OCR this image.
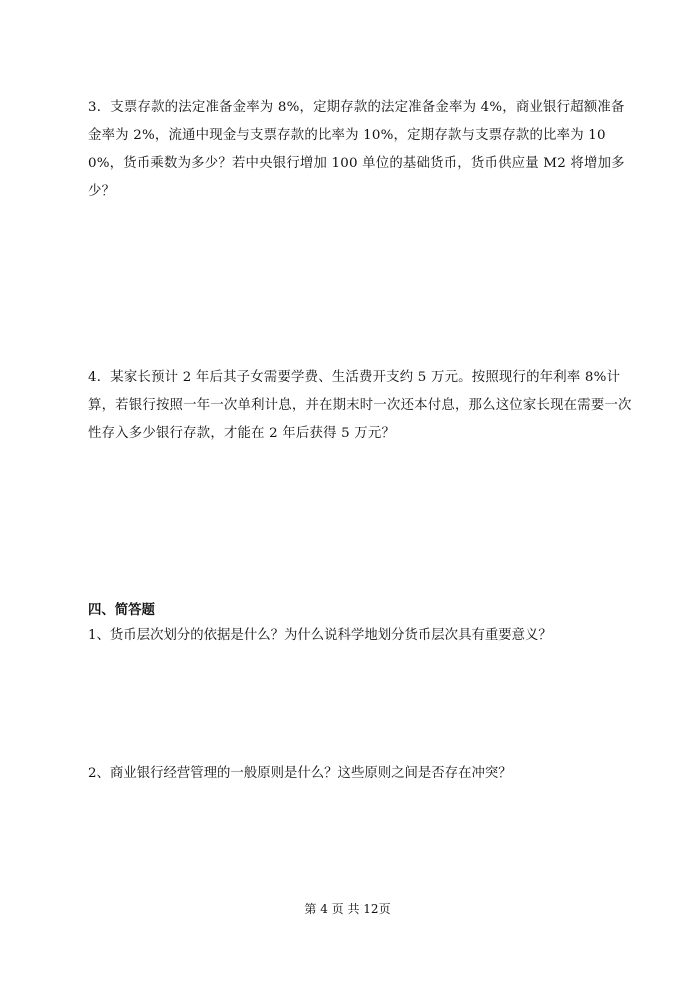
3．支票存款的法定准备金率为 8%，定期存款的法定准备金率为 4%，商业银行超额准备金率为 2%，流通中现金与支票存款的比率为 10%，定期存款与支票存款的比率为 100%，货币乘数为多少？若中央银行增加 100 单位的基础货币，货币供应量 M2 将增加多少？

4．某家长预计 2 年后其子女需要学费、生活费开支约 5 万元。按照现行的年利率 8%计算，若银行按照一年一次单利计息，并在期末时一次还本付息，那么这位家长现在需要一次性存入多少银行存款，才能在 2 年后获得 5 万元？

四、简答题

1、货币层次划分的依据是什么？为什么说科学地划分货币层次具有重要意义？

2、商业银行经营管理的一般原则是什么？这些原则之间是否存在冲突？

第 4 页 共 12页
